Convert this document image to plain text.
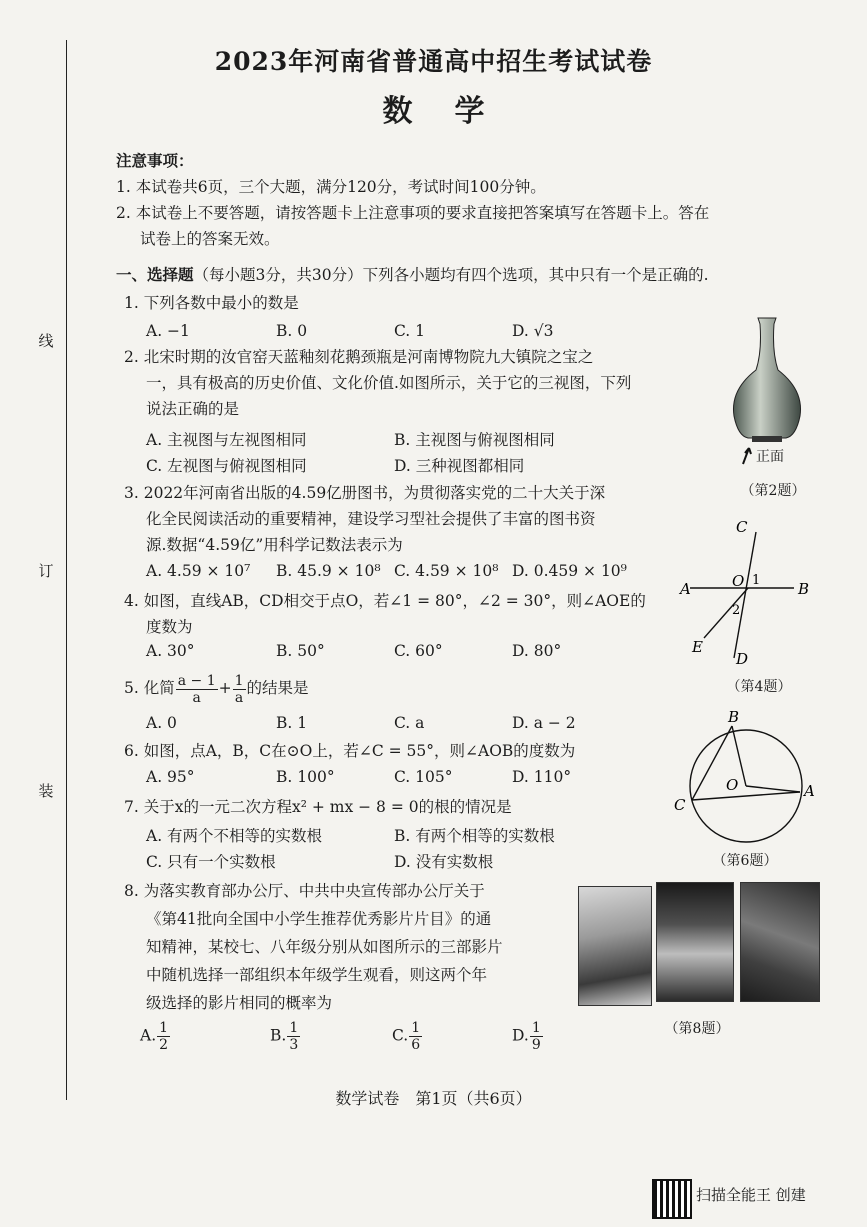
2023年河南省普通高中招生考试试卷
数学
线
订
装
注意事项：
1. 本试卷共6页，三个大题，满分120分，考试时间100分钟。
2. 本试卷上不要答题，请按答题卡上注意事项的要求直接把答案填写在答题卡上。答在
试卷上的答案无效。
一、选择题（每小题3分，共30分）下列各小题均有四个选项，其中只有一个是正确的.
1. 下列各数中最小的数是
A. −1	B. 0	C. 1	D. √3
2. 北宋时期的汝官窑天蓝釉刻花鹅颈瓶是河南博物院九大镇院之宝之
一，具有极高的历史价值、文化价值.如图所示，关于它的三视图，下列
说法正确的是
A. 主视图与左视图相同	B. 主视图与俯视图相同
C. 左视图与俯视图相同	D. 三种视图都相同	正面
（第2题）
3. 2022年河南省出版的4.59亿册图书，为贯彻落实党的二十大关于深
化全民阅读活动的重要精神，建设学习型社会提供了丰富的图书资
源.数据“4.59亿”用科学记数法表示为
A. 4.59 × 10⁷ B. 45.9 × 10⁸ C. 4.59 × 10⁸ D. 0.459 × 10⁹
4. 如图，直线AB，CD相交于点O，若∠1 = 80°，∠2 = 30°，则∠AOE的
度数为
A. 30°	B. 50°	C. 60°	D. 80°
C
O 1
A	B
2
E
D
（第4题）
5. 化简 $\frac{a - 1}{a} + \frac{1}{a}$ 的结果是
A. 0	B. 1	C. a	D. a − 2
6. 如图，点A，B，C在⊙O上，若∠C = 55°，则∠AOB的度数为
A. 95°	B. 100°	C. 105°	D. 110°
B
O
C
A
（第6题）
7. 关于x的一元二次方程x² + mx − 8 = 0的根的情况是
A. 有两个不相等的实数根	B. 有两个相等的实数根
C. 只有一个实数根	D. 没有实数根
8. 为落实教育部办公厅、中共中央宣传部办公厅关于
《第41批向全国中小学生推荐优秀影片片目》的通
知精神，某校七、八年级分别从如图所示的三部影片
中随机选择一部组织本年级学生观看，则这两个年
级选择的影片相同的概率为
A. $\frac{1}{2}$	B. $\frac{1}{3}$	C. $\frac{1}{6}$	D. $\frac{1}{9}$	（第8题）
数学试卷　第1页（共6页）
扫描全能王 创建
